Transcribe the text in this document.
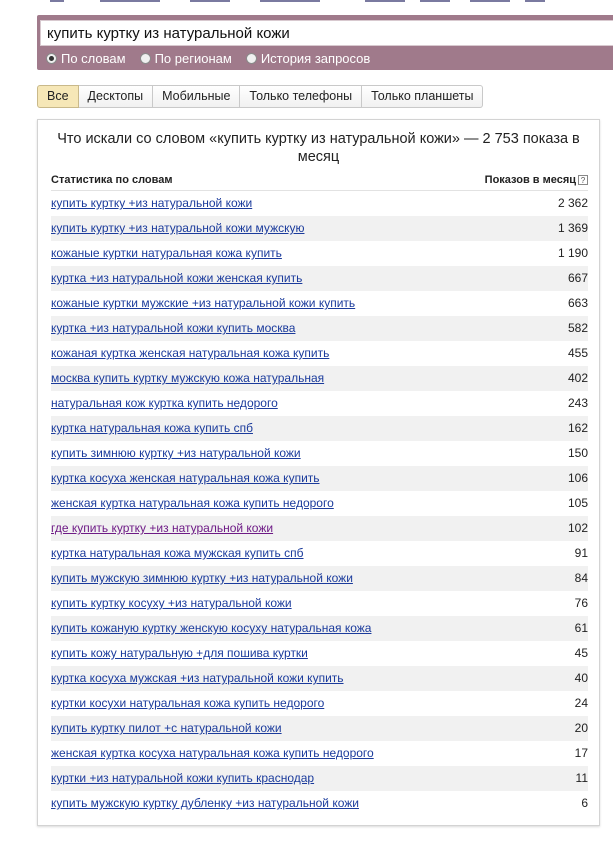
купить куртку из натуральной кожи
По словам По регионам История запросов
Все	Десктопы	Мобильные	Только телефоны	Только планшеты
Что искали со словом «купить куртку из натуральной кожи» — 2 753 показа в месяц
Статистика по словам	Показов в месяц ?
купить куртку +из натуральной кожи	2 362
купить куртку +из натуральной кожи мужскую	1 369
кожаные куртки натуральная кожа купить	1 190
куртка +из натуральной кожи женская купить	667
кожаные куртки мужские +из натуральной кожи купить	663
куртка +из натуральной кожи купить москва	582
кожаная куртка женская натуральная кожа купить	455
москва купить куртку мужскую кожа натуральная	402
натуральная кож куртка купить недорого	243
куртка натуральная кожа купить спб	162
купить зимнюю куртку +из натуральной кожи	150
куртка косуха женская натуральная кожа купить	106
женская куртка натуральная кожа купить недорого	105
где купить куртку +из натуральной кожи	102
куртка натуральная кожа мужская купить спб	91
купить мужскую зимнюю куртку +из натуральной кожи	84
купить куртку косуху +из натуральной кожи	76
купить кожаную куртку женскую косуху натуральная кожа	61
купить кожу натуральную +для пошива куртки	45
куртка косуха мужская +из натуральной кожи купить	40
куртки косухи натуральная кожа купить недорого	24
купить куртку пилот +с натуральной кожи	20
женская куртка косуха натуральная кожа купить недорого	17
куртки +из натуральной кожи купить краснодар	11
купить мужскую куртку дубленку +из натуральной кожи	6
